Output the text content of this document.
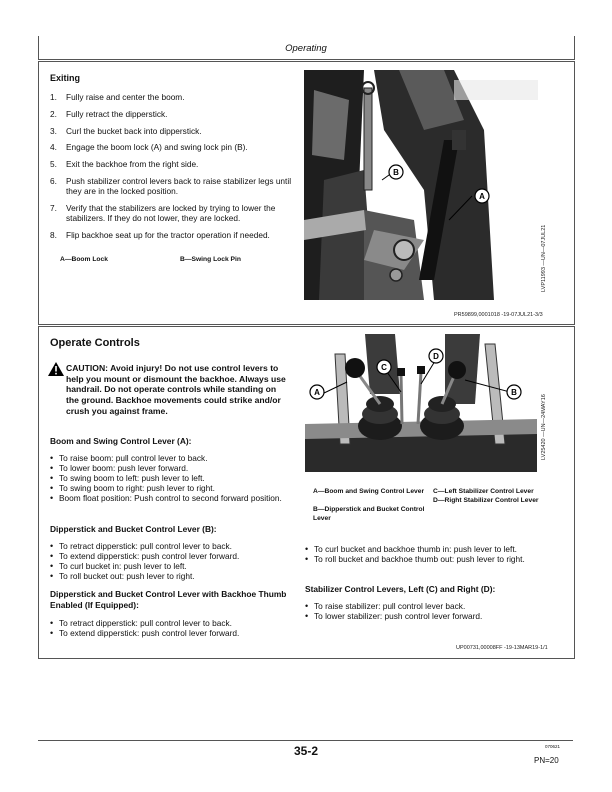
Operating
Exiting
1. Fully raise and center the boom.
2. Fully retract the dipperstick.
3. Curl the bucket back into dipperstick.
4. Engage the boom lock (A) and swing lock pin (B).
5. Exit the backhoe from the right side.
6. Push stabilizer control levers back to raise stabilizer legs until they are in the locked position.
7. Verify that the stabilizers are locked by trying to lower the stabilizers. If they do not lower, they are locked.
8. Flip backhoe seat up for the tractor operation if needed.
A—Boom Lock	B—Swing Lock Pin
B
A
LVP11993 —UN—07JUL21
PR59899,0001018 -19-07JUL21-3/3
Operate Controls
CAUTION: Avoid injury! Do not use control levers to help you mount or dismount the backhoe. Always use handrail. Do not operate controls while standing on the ground. Backhoe movements could strike and/or crush you against frame.
Boom and Swing Control Lever (A):
• To raise boom: pull control lever to back.
• To lower boom: push lever forward.
• To swing boom to left: push lever to left.
• To swing boom to right: push lever to right.
• Boom float position: Push control to second forward position.
Dipperstick and Bucket Control Lever (B):
• To retract dipperstick: pull control lever to back.
• To extend dipperstick: push control lever forward.
• To curl bucket in: push lever to left.
• To roll bucket out: push lever to right.
Dipperstick and Bucket Control Lever with Backhoe Thumb Enabled (If Equipped):
• To retract dipperstick: pull control lever to back.
• To extend dipperstick: push control lever forward.
A
C
D
B
LV25420 —UN—24MAY16
A—Boom and Swing Control Lever
B—Dipperstick and Bucket Control Lever
C—Left Stabilizer Control Lever
D—Right Stabilizer Control Lever
• To curl bucket and backhoe thumb in: push lever to left.
• To roll bucket and backhoe thumb out: push lever to right.
Stabilizer Control Levers, Left (C) and Right (D):
• To raise stabilizer: pull control lever back.
• To lower stabilizer: push control lever forward.
UP00731,00008FF -19-13MAR19-1/1
35-2	070621
PN=20
